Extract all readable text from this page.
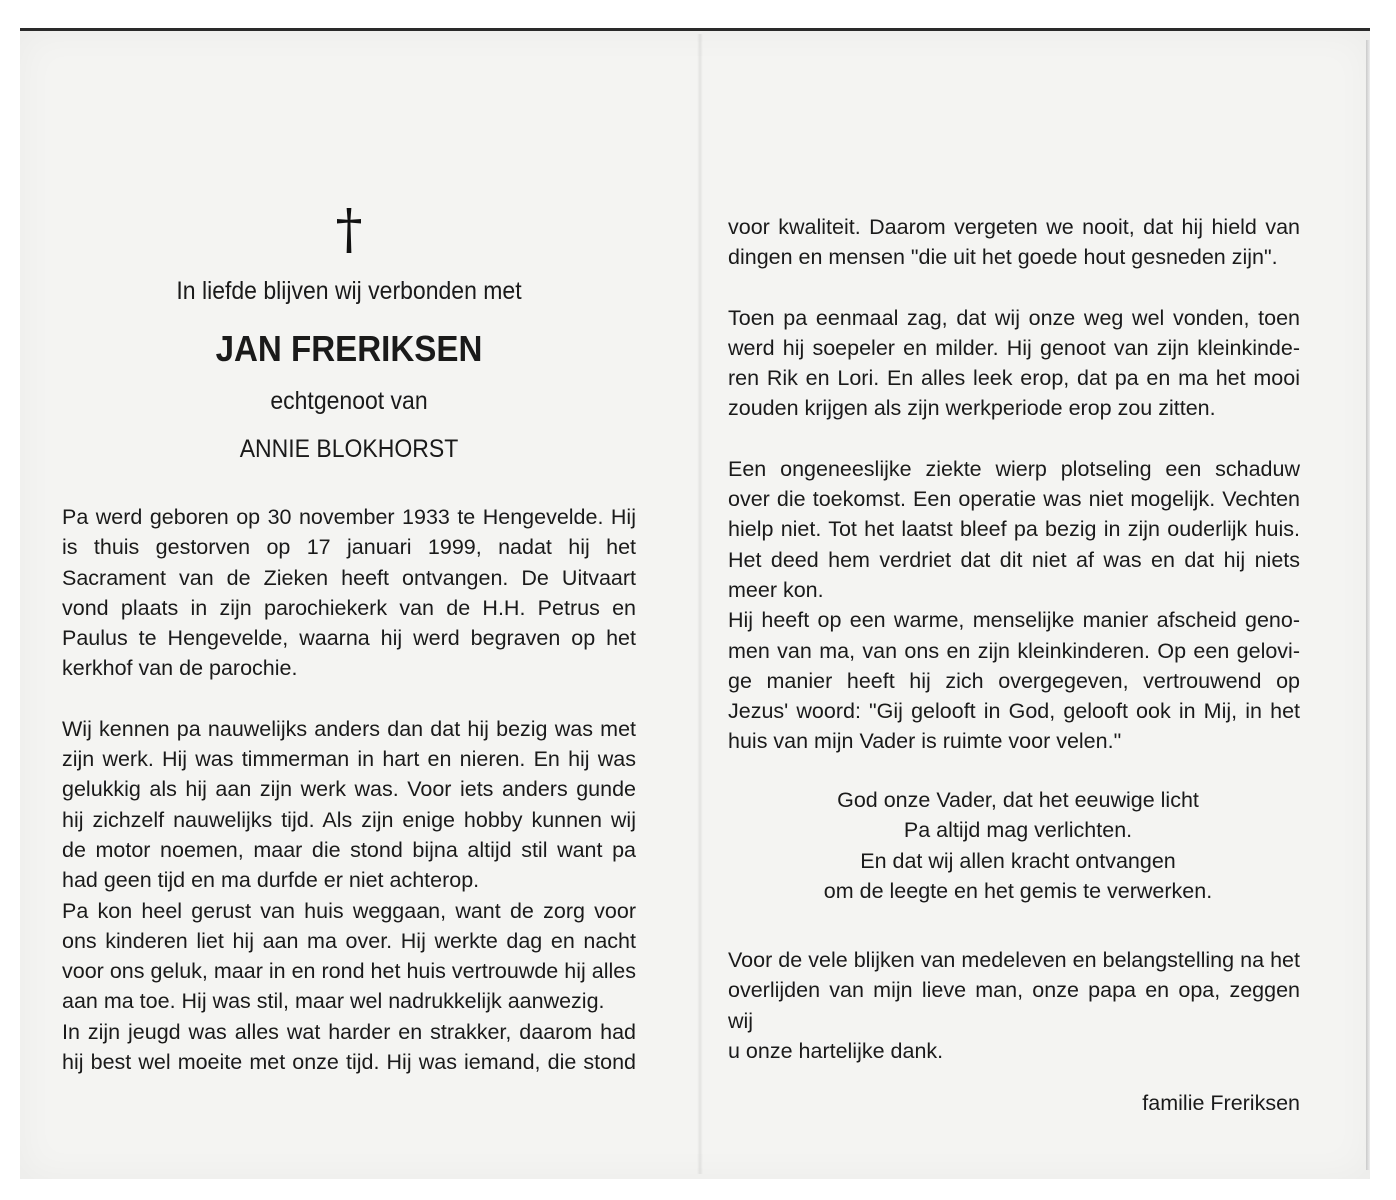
†
In liefde blijven wij verbonden met
JAN FRERIKSEN
echtgenoot van
ANNIE BLOKHORST

Pa werd geboren op 30 november 1933 te Hengevelde. Hij
is thuis gestorven op 17 januari 1999, nadat hij het
Sacrament van de Zieken heeft ontvangen. De Uitvaart
vond plaats in zijn parochiekerk van de H.H. Petrus en
Paulus te Hengevelde, waarna hij werd begraven op het
kerkhof van de parochie.

Wij kennen pa nauwelijks anders dan dat hij bezig was met
zijn werk. Hij was timmerman in hart en nieren. En hij was
gelukkig als hij aan zijn werk was. Voor iets anders gunde
hij zichzelf nauwelijks tijd. Als zijn enige hobby kunnen wij
de motor noemen, maar die stond bijna altijd stil want pa
had geen tijd en ma durfde er niet achterop.
Pa kon heel gerust van huis weggaan, want de zorg voor
ons kinderen liet hij aan ma over. Hij werkte dag en nacht
voor ons geluk, maar in en rond het huis vertrouwde hij alles
aan ma toe. Hij was stil, maar wel nadrukkelijk aanwezig.
In zijn jeugd was alles wat harder en strakker, daarom had
hij best wel moeite met onze tijd. Hij was iemand, die stond

voor kwaliteit. Daarom vergeten we nooit, dat hij hield van
dingen en mensen "die uit het goede hout gesneden zijn".

Toen pa eenmaal zag, dat wij onze weg wel vonden, toen
werd hij soepeler en milder. Hij genoot van zijn kleinkinde-
ren Rik en Lori. En alles leek erop, dat pa en ma het mooi
zouden krijgen als zijn werkperiode erop zou zitten.

Een ongeneeslijke ziekte wierp plotseling een schaduw
over die toekomst. Een operatie was niet mogelijk. Vechten
hielp niet. Tot het laatst bleef pa bezig in zijn ouderlijk huis.
Het deed hem verdriet dat dit niet af was en dat hij niets
meer kon.
Hij heeft op een warme, menselijke manier afscheid geno-
men van ma, van ons en zijn kleinkinderen. Op een gelovi-
ge manier heeft hij zich overgegeven, vertrouwend op
Jezus' woord: "Gij gelooft in God, gelooft ook in Mij, in het
huis van mijn Vader is ruimte voor velen."

God onze Vader, dat het eeuwige licht
Pa altijd mag verlichten.
En dat wij allen kracht ontvangen
om de leegte en het gemis te verwerken.

Voor de vele blijken van medeleven en belangstelling na het
overlijden van mijn lieve man, onze papa en opa, zeggen wij
u onze hartelijke dank.

familie Freriksen
